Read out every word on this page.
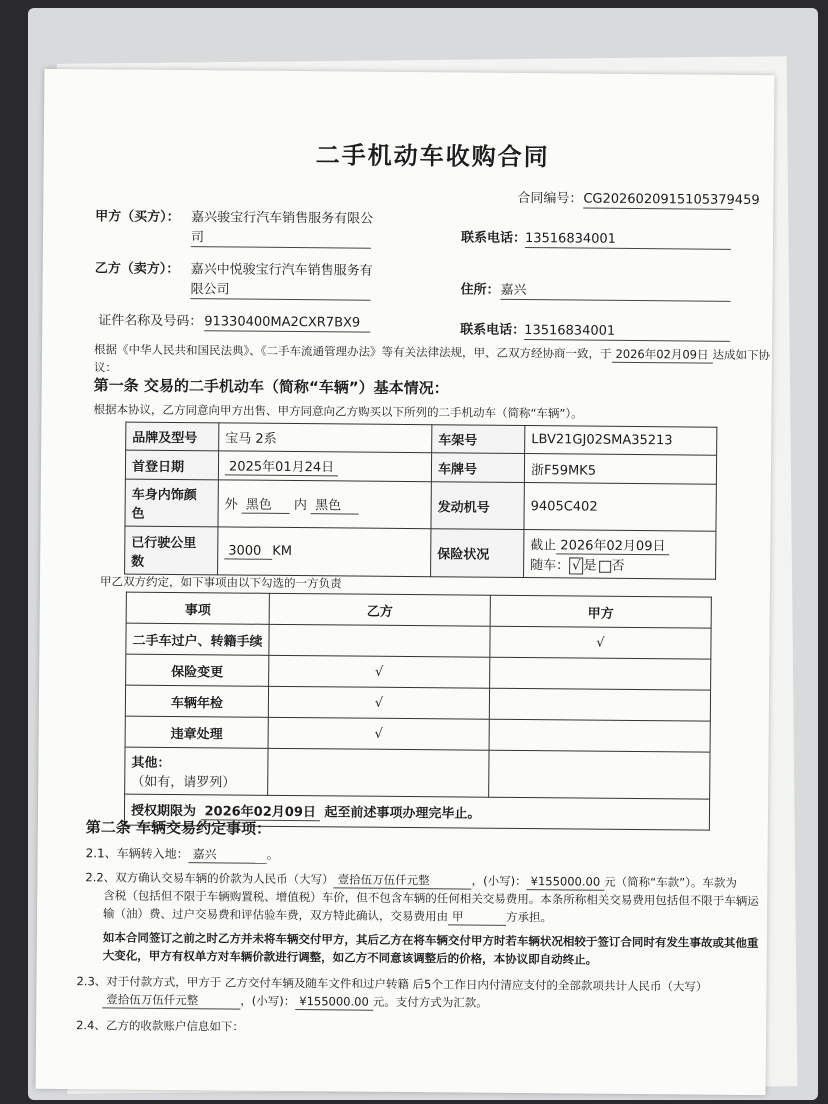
二手机动车收购合同
合同编号： CG2026020915105379459
甲方（买方）： 嘉兴骏宝行汽车销售服务有限公
司	联系电话：
13516834001
乙方（卖方）： 嘉兴中悦骏宝行汽车销售服务有
限公司	住所： 嘉兴
证件名称及号码： 91330400MA2CXR7BX9	联系电话：
13516834001
根据《中华人民共和国民法典》、《二手车流通管理办法》等有关法律法规，甲、乙双方经协商一致，于 2026年02月09日 达成如下协
议：
第一条 交易的二手机动车（简称“车辆”）基本情况：
根据本协议，乙方同意向甲方出售、甲方同意向乙方购买以下所列的二手机动车（简称“车辆”）。
品牌及型号	宝马 2系	车架号	LBV21GJ02SMA35213
首登日期	2025年01月24日	车牌号	浙F59MK5
车身内饰颜
色	外 黑色 内 黑色	发动机号	9405C402
已行驶公里
数	3000 KM	保险状况	截止 2026年02月09日
随车： √ 是 否
甲乙双方约定，如下事项由以下勾选的一方负责
事项	乙方	甲方
二手车过户、转籍手续		√
保险变更	√	
车辆年检	√	
违章处理	√	
其他：
（如有，请罗列）		
授权期限为 2026年02月09日 起至前述事项办理完毕止。		
第二条 车辆交易约定事项：
2.1、车辆转入地： 嘉兴	。
2.2、双方确认交易车辆的价款为人民币（大写） 壹拾伍万伍仟元整	，(小写)： ¥155000.00 元（简称“车款”）。车款为
含税（包括但不限于车辆购置税、增值税）车价，但不包含车辆的任何相关交易费用。本条所称相关交易费用包括但不限于车辆运
输（油）费、过户交易费和评估验车费，双方特此确认，交易费用由 甲	方承担。
如本合同签订之前之时乙方并未将车辆交付甲方，其后乙方在将车辆交付甲方时若车辆状况相较于签订合同时有发生事故或其他重
大变化，甲方有权单方对车辆价款进行调整，如乙方不同意该调整后的价格，本协议即自动终止。
2.3、对于付款方式，甲方于 乙方交付车辆及随车文件和过户转籍 后5个工作日内付清应支付的全部款项共计人民币（大写）
壹拾伍万伍仟元整	，(小写)： ¥155000.00 元。支付方式为汇款。
2.4、乙方的收款账户信息如下：
